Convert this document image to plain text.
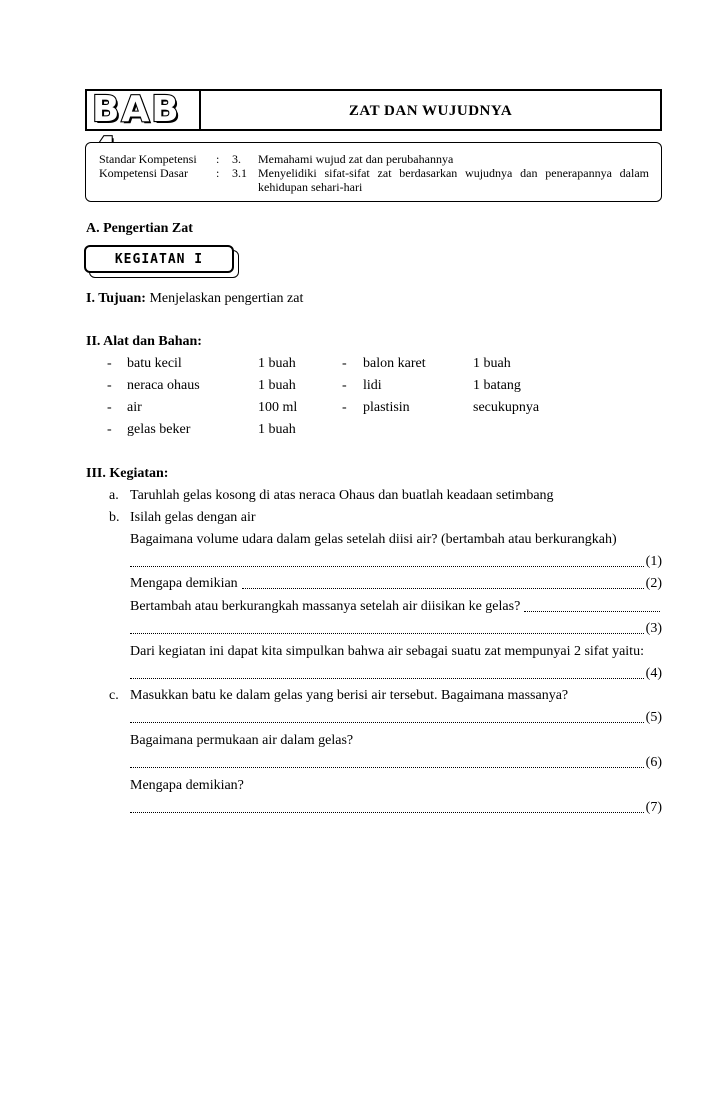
BAB	ZAT DAN WUJUDNYA
Standar Kompetensi : 3. Memahami wujud zat dan perubahannya
Kompetensi Dasar : 3.1 Menyelidiki sifat-sifat zat berdasarkan wujudnya dan penerapannya dalam kehidupan sehari-hari
A. Pengertian Zat
KEGIATAN I
I. Tujuan: Menjelaskan pengertian zat
II. Alat dan Bahan:
- batu kecil	1 buah	- balon karet	1 buah
- neraca ohaus	1 buah	- lidi	1 batang
- air	100 ml	- plastisin	secukupnya
- gelas beker	1 buah
III. Kegiatan:
a. Taruhlah gelas kosong di atas neraca Ohaus dan buatlah keadaan setimbang
b. Isilah gelas dengan air
Bagaimana volume udara dalam gelas setelah diisi air? (bertambah atau berkurangkah)
(1)
Mengapa demikian	(2)
Bertambah atau berkurangkah massanya setelah air diisikan ke gelas?
(3)
Dari kegiatan ini dapat kita simpulkan bahwa air sebagai suatu zat mempunyai 2 sifat yaitu:
(4)
c. Masukkan batu ke dalam gelas yang berisi air tersebut. Bagaimana massanya?
(5)
Bagaimana permukaan air dalam gelas?
(6)
Mengapa demikian?
(7)
